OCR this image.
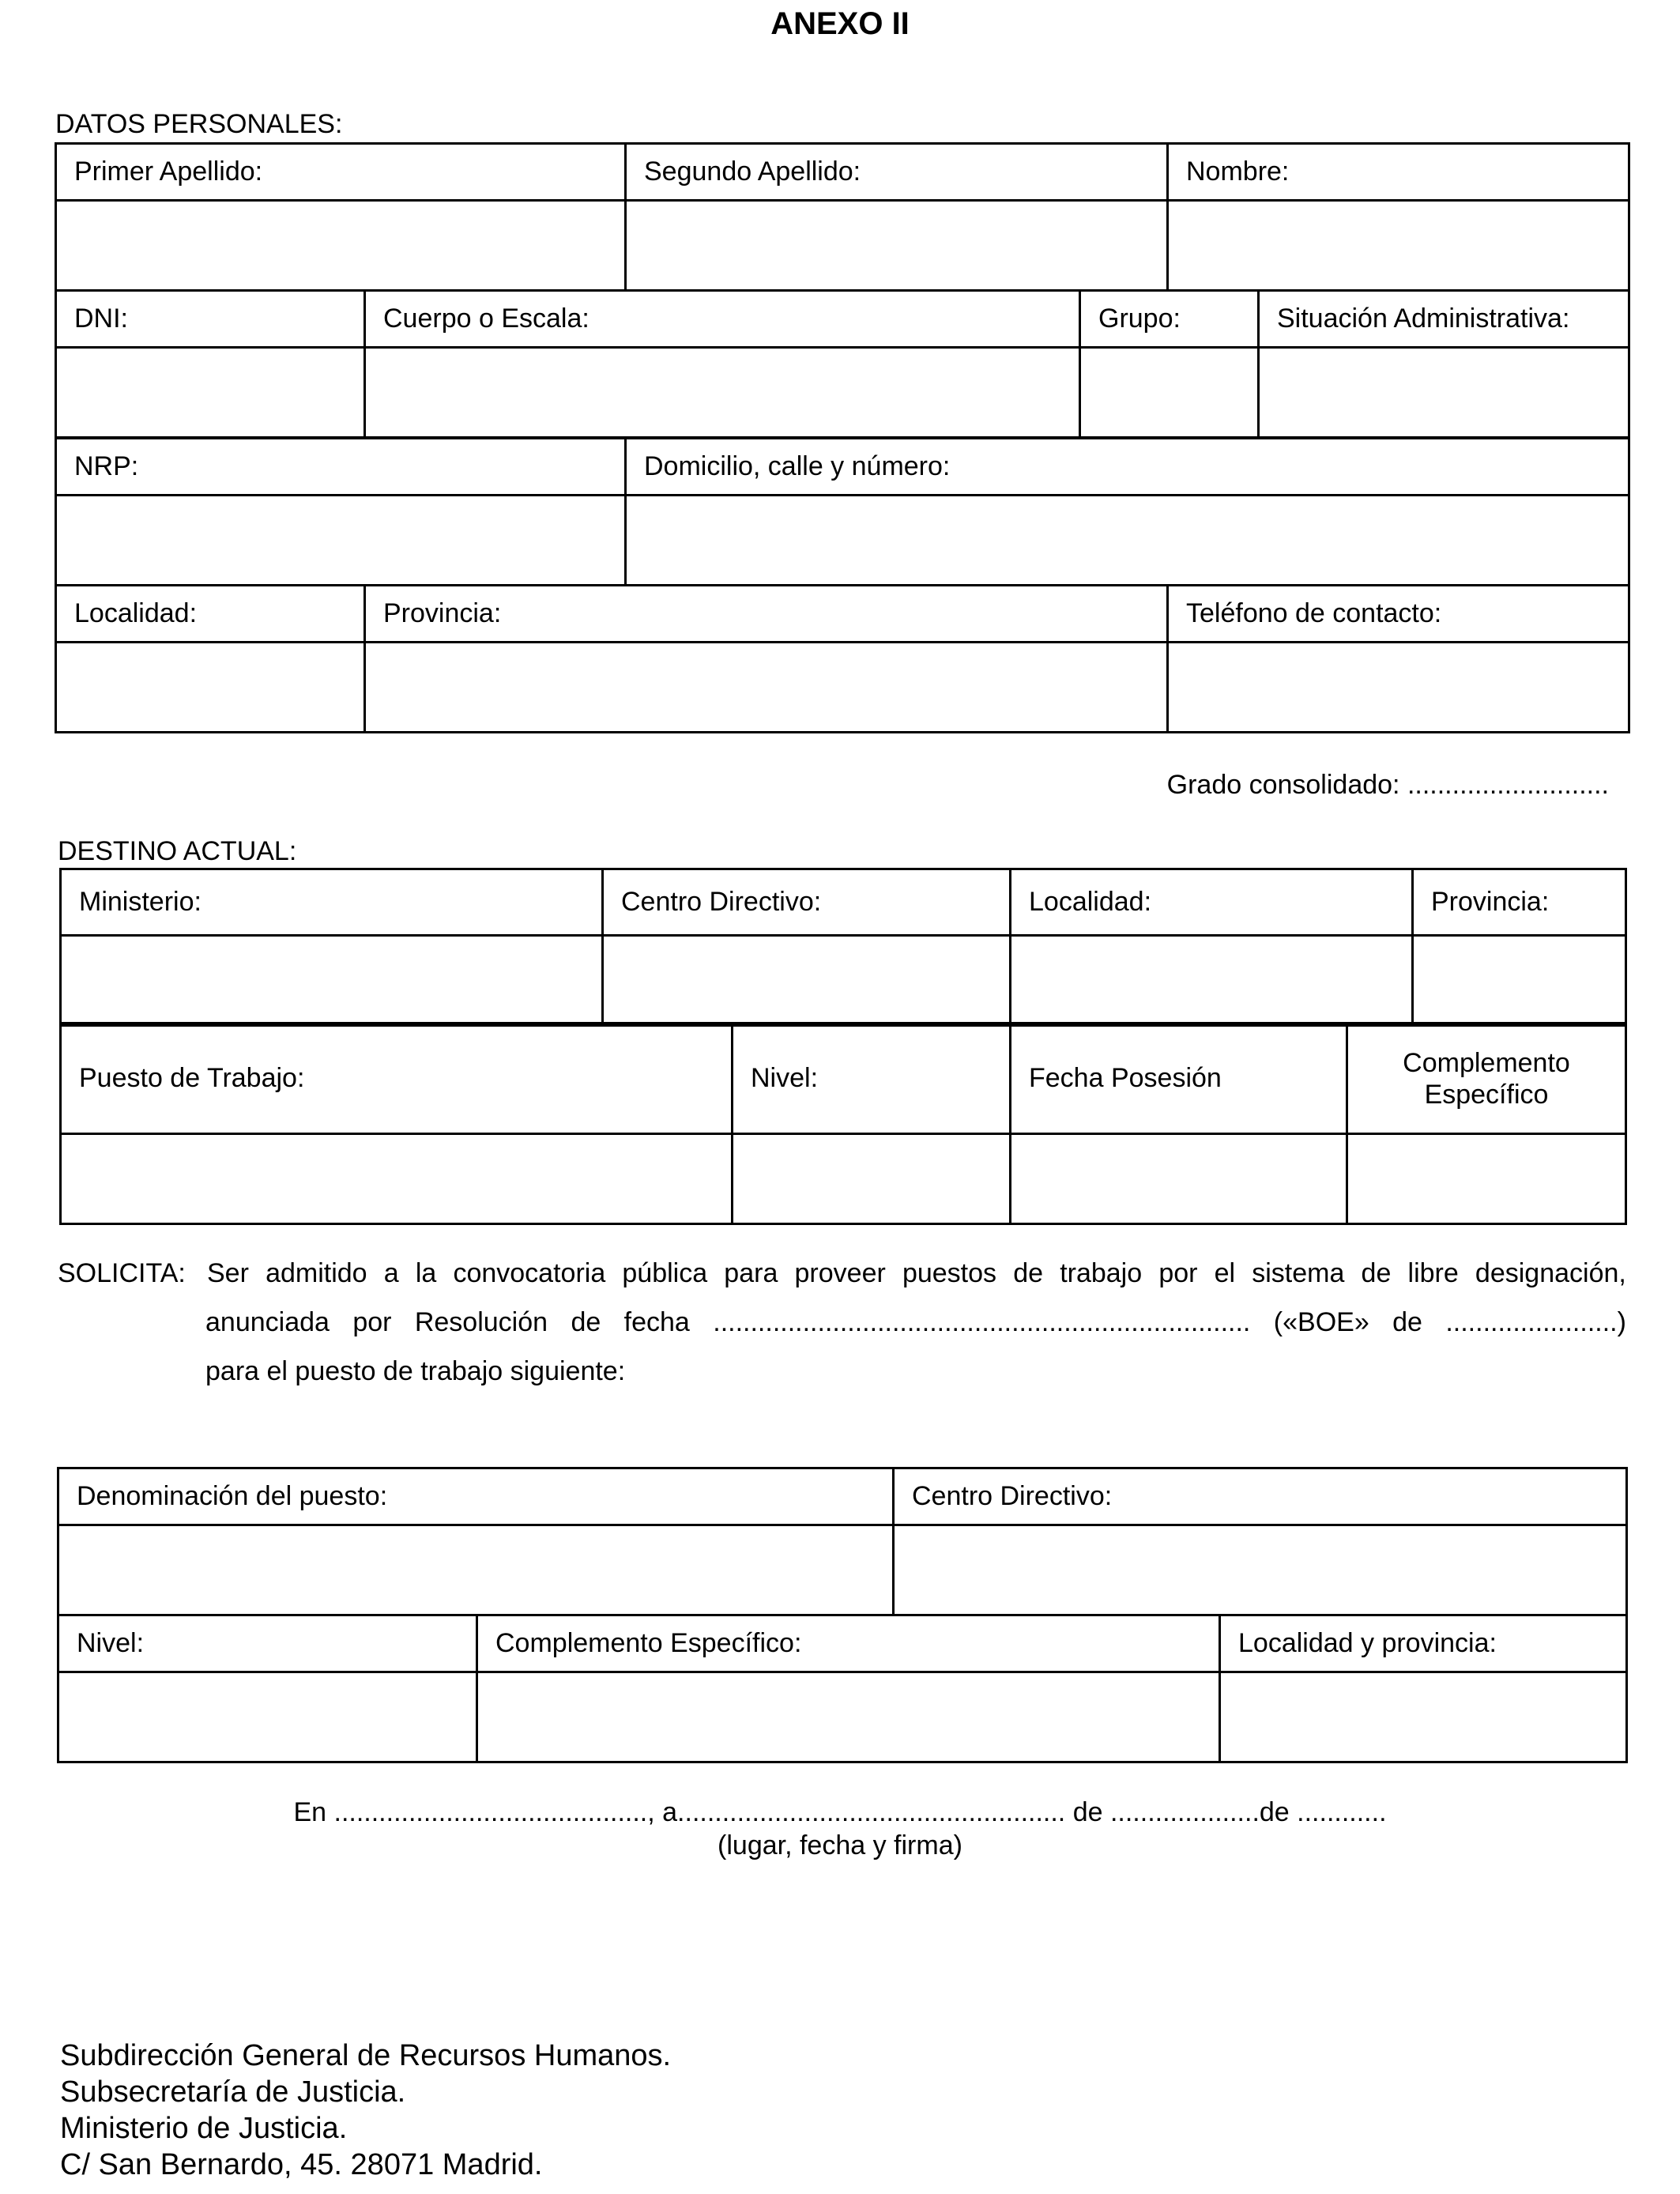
ANEXO II
DATOS PERSONALES:
Primer Apellido:	Segundo Apellido:	Nombre:

DNI:	Cuerpo o Escala:	Grupo:	Situación Administrativa:

NRP:	Domicilio, calle y número:

Localidad:	Provincia:	Teléfono de contacto:

Grado consolidado: ...........................
DESTINO ACTUAL:
Ministerio:	Centro Directivo:	Localidad:	Provincia:

Puesto de Trabajo:	Nivel:	Fecha Posesión	Complemento
Específico

SOLICITA: Ser admitido a la convocatoria pública para proveer puestos de trabajo por el sistema de libre designación,
anunciada por Resolución de fecha ........................................................................ («BOE» de .......................)
para el puesto de trabajo siguiente:
Denominación del puesto:	Centro Directivo:

Nivel:	Complemento Específico:	Localidad y provincia:

En .........................................., a.................................................... de ....................de ............
(lugar, fecha y firma)
Subdirección General de Recursos Humanos.
Subsecretaría de Justicia.
Ministerio de Justicia.
C/ San Bernardo, 45. 28071 Madrid.
